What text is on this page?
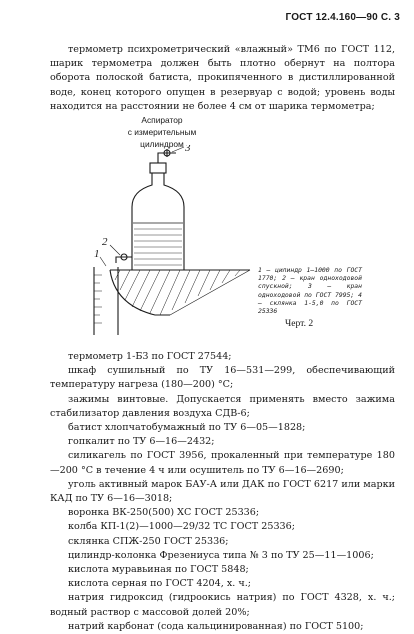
ГОСТ 12.4.160—90 С. 3

термометр психрометрический «влажный» ТМ6 по ГОСТ 112, шарик термометра должен быть плотно обернут на полтора оборота полоской батиста, прокипяченного в дистиллированной воде, конец которого опущен в резервуар с водой; уровень воды находится на расстоянии не более 4 см от шарика термометра;

Аспиратор
с измерительным
цилиндром
1
2
3

1 — цилиндр 1—1000 по ГОСТ 1770; 2 — кран одноходовой спускной; 3 — кран одноходовой по ГОСТ 7995; 4 — склянка 1-5,0 по ГОСТ 25336

Черт. 2

термометр 1-Б3 по ГОСТ 27544;

шкаф сушильный по ТУ 16—531—299, обеспечивающий температуру нагреза (180—200) °С;

зажимы винтовые. Допускается применять вместо зажима стабилизатор давления воздуха СДВ-6;

батист хлопчатобумажный по ТУ 6—05—1828;

гопкалит по ТУ 6—16—2432;

силикагель по ГОСТ 3956, прокаленный при температуре 180—200 °С в течение 4 ч или осушитель по ТУ 6—16—2690;

уголь активный марок БАУ-А или ДАК по ГОСТ 6217 или марки КАД по ТУ 6—16—3018;

воронка ВК-250(500) ХС ГОСТ 25336;

колба КП-1(2)—1000—29/32 ТС ГОСТ 25336;

склянка СПЖ-250 ГОСТ 25336;

цилиндр-колонка Фрезениуса типа № 3 по ТУ 25—11—1006;

кислота муравьиная по ГОСТ 5848;

кислота серная по ГОСТ 4204, х. ч.;

натрия гидроксид (гидроокись натрия) по ГОСТ 4328, х. ч.; водный раствор с массовой долей 20%;

натрий карбонат (сода кальцинированная) по ГОСТ 5100;
